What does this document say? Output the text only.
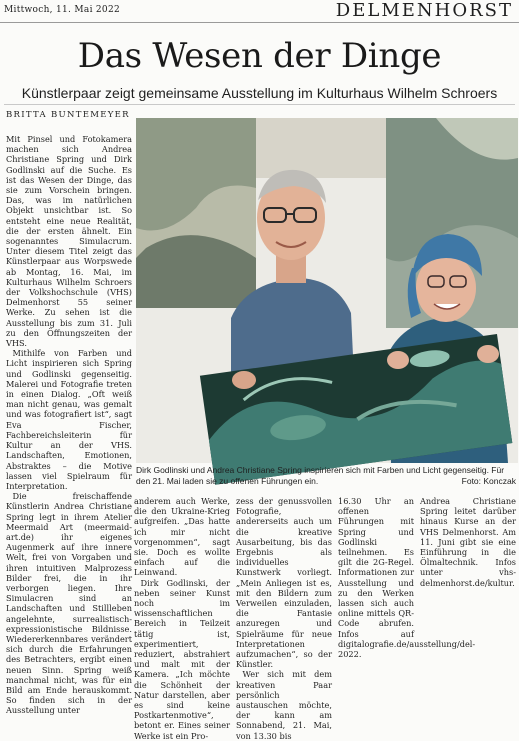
Mittwoch, 11. Mai 2022	DELMENHORST
Das Wesen der Dinge
Künstlerpaar zeigt gemeinsame Ausstellung im Kulturhaus Wilhelm Schroers
BRITTA BUNTEMEYER

Mit Pinsel und Fotokamera machen sich Andrea Christiane Spring und Dirk Godlinski auf die Suche. Es ist das Wesen der Dinge, das sie zum Vorschein bringen. Das, was im natürlichen Objekt unsichtbar ist. So entsteht eine neue Realität, die der ersten ähnelt. Ein sogenanntes Simulacrum. Unter diesem Titel zeigt das Künstlerpaar aus Worpswede ab Montag, 16. Mai, im Kulturhaus Wilhelm Schroers der Volkshochschule (VHS) Delmenhorst 55 seiner Werke. Zu sehen ist die Ausstellung bis zum 31. Juli zu den Öffnungszeiten der VHS.

Mithilfe von Farben und Licht inspirieren sich Spring und Godlinski gegenseitig. Malerei und Fotografie treten in einen Dialog. „Oft weiß man nicht genau, was gemalt und was fotografiert ist“, sagt Eva Fischer, Fachbereichsleiterin für Kultur an der VHS. Landschaften, Emotionen, Abstraktes – die Motive lassen viel Spielraum für Interpretation.

Die freischaffende Künstlerin Andrea Christiane Spring legt in ihrem Atelier Meermaid Art (meermaid-art.de) ihr eigenes Augenmerk auf ihre innere Welt, frei von Vorgaben und ihren intuitiven Malprozess Bilder frei, die in ihr verborgen liegen. Ihre Simulacren sind an Landschaften und Stillleben angelehnte, surrealistisch-expressionistische Bildnisse. Wiedererkennbares verändert sich durch die Erfahrungen des Betrachters, ergibt einen neuen Sinn. Spring weiß manchmal nicht, was für ein Bild am Ende herauskommt. So finden sich in der Ausstellung unter

Dirk Godlinski und Andrea Christiane Spring inspirieren sich mit Farben und Licht gegenseitig. Für den 21. Mai laden sie zu offenen Führungen ein.	Foto: Konczak

anderem auch Werke, die den Ukraine-Krieg aufgreifen. „Das hatte ich mir nicht vorgenommen“, sagt sie. Doch es wollte einfach auf die Leinwand.

Dirk Godlinski, der neben seiner Kunst noch im wissenschaftlichen Bereich in Teilzeit tätig ist, experimentiert, reduziert, abstrahiert und malt mit der Kamera. „Ich möchte die Schönheit der Natur darstellen, aber es sind keine Postkartenmotive“, betont er. Eines seiner Werke ist ein Pro-

zess der genussvollen Fotografie, andererseits auch um die kreative Ausarbeitung, bis das Ergebnis als individuelles Kunstwerk vorliegt. „Mein Anliegen ist es, mit den Bildern zum Verweilen einzuladen, die Fantasie anzuregen und Spielräume für neue Interpretationen aufzumachen“, so der Künstler.

Wer sich mit dem kreativen Paar persönlich austauschen möchte, der kann am Sonnabend, 21. Mai, von 13.30 bis

16.30 Uhr an offenen Führungen mit Spring und Godlinski teilnehmen. Es gilt die 2G-Regel. Informationen zur Ausstellung und zu den Werken lassen sich auch online mittels QR-Code abrufen. Infos auf digitalografie.de/ausstellung/del-2022.

Andrea Christiane Spring leitet darüber hinaus Kurse an der VHS Delmenhorst. Am 11. Juni gibt sie eine Einführung in die Ölmaltechnik. Infos unter vhs-delmenhorst.de/kultur.
